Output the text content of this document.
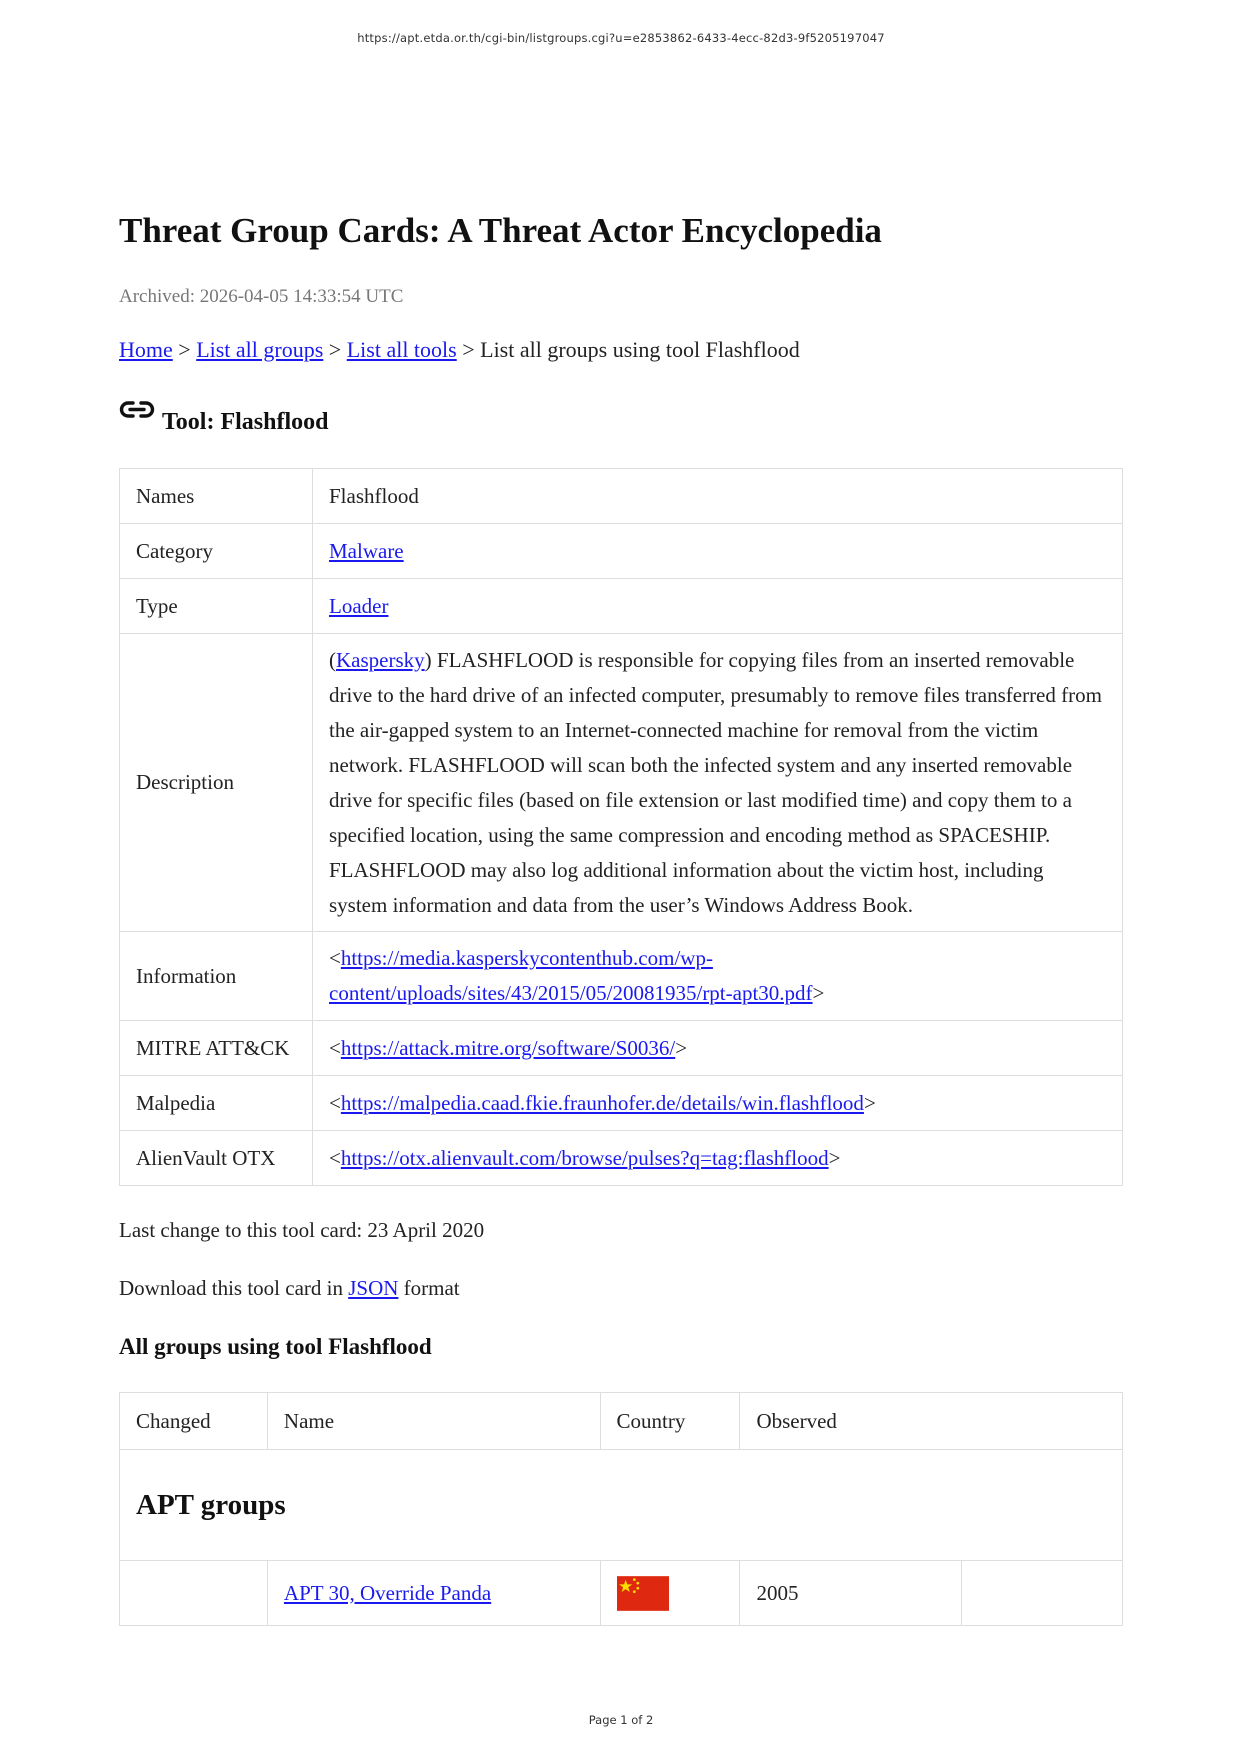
https://apt.etda.or.th/cgi-bin/listgroups.cgi?u=e2853862-6433-4ecc-82d3-9f5205197047
Threat Group Cards: A Threat Actor Encyclopedia
Archived: 2026-04-05 14:33:54 UTC
Home > List all groups > List all tools > List all groups using tool Flashflood
Tool: Flashflood
Names	Flashflood
Category	Malware
Type	Loader
Description	(Kaspersky) FLASHFLOOD is responsible for copying files from an inserted removable drive to the hard drive of an infected computer, presumably to remove files transferred from the air-gapped system to an Internet-connected machine for removal from the victim network. FLASHFLOOD will scan both the infected system and any inserted removable drive for specific files (based on file extension or last modified time) and copy them to a specified location, using the same compression and encoding method as SPACESHIP. FLASHFLOOD may also log additional information about the victim host, including system information and data from the user’s Windows Address Book.
Information	<https://media.kasperskycontenthub.com/wp-
content/uploads/sites/43/2015/05/20081935/rpt-apt30.pdf>
MITRE ATT&CK	<https://attack.mitre.org/software/S0036/>
Malpedia	<https://malpedia.caad.fkie.fraunhofer.de/details/win.flashflood>
AlienVault OTX	<https://otx.alienvault.com/browse/pulses?q=tag:flashflood>
Last change to this tool card: 23 April 2020
Download this tool card in JSON format
All groups using tool Flashflood
Changed	Name	Country	Observed	
APT groups				
	APT 30, Override Panda		2005	
Page 1 of 2
